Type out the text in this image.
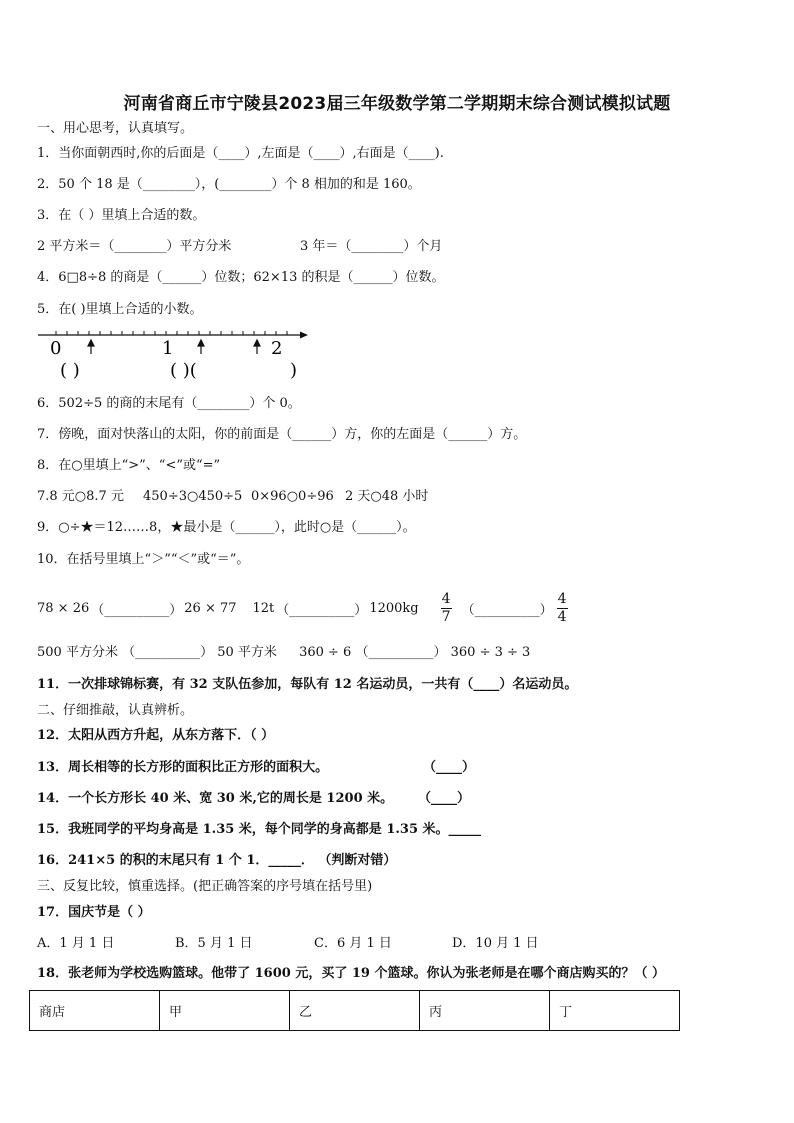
河南省商丘市宁陵县2023届三年级数学第二学期期末综合测试模拟试题
一、用心思考，认真填写。
1．当你面朝西时,你的后面是（____）,左面是（____）,右面是（____).
2．50 个 18 是（________），(________）个 8 相加的和是 160。
3．在（ ）里填上合适的数。
2 平方米＝（________）平方分米	3 年＝（________）个月
4．6□8÷8 的商是（______）位数；62×13 的积是（______）位数。
5．在( )里填上合适的小数。
0	1	2
( )	( )(	)
6．502÷5 的商的末尾有（________）个 0。
7．傍晚，面对快落山的太阳，你的前面是（______）方，你的左面是（______）方。
8．在○里填上“>”、“<”或“=”
7.8 元○8.7 元 450÷3○450÷5 0×96○0÷96 2 天○48 小时
9．○÷★＝12……8，★最小是（______），此时○是（______）。
10．在括号里填上“＞”“＜”或“＝”。
78 × 26 （__________） 26 × 77 12t （__________） $1200kg \frac{4}{7}$ （__________） $\frac{4}{4}$
500 平方分米 （__________） 50 平方米 360 ÷ 6 （__________） 360 ÷ 3 ÷ 3
11．一次排球锦标赛，有 32 支队伍参加，每队有 12 名运动员，一共有（____）名运动员。
二、仔细推敲，认真辨析。
12．太阳从西方升起，从东方落下．（ ）
13．周长相等的长方形的面积比正方形的面积大。	（____）
14．一个长方形长 40 米、宽 30 米,它的周长是 1200 米。 （____）
15．我班同学的平均身高是 1.35 米，每个同学的身高都是 1.35 米。_____
16．241×5 的积的末尾只有 1 个 1．_____． （判断对错）
三、反复比较，慎重选择。(把正确答案的序号填在括号里)
17．国庆节是（ ）
A．1 月 1 日	B．5 月 1 日	C．6 月 1 日	D．10 月 1 日
18．张老师为学校选购篮球。他带了 1600 元，买了 19 个篮球。你认为张老师是在哪个商店购买的？（ ）
商店	甲	乙	丙	丁
